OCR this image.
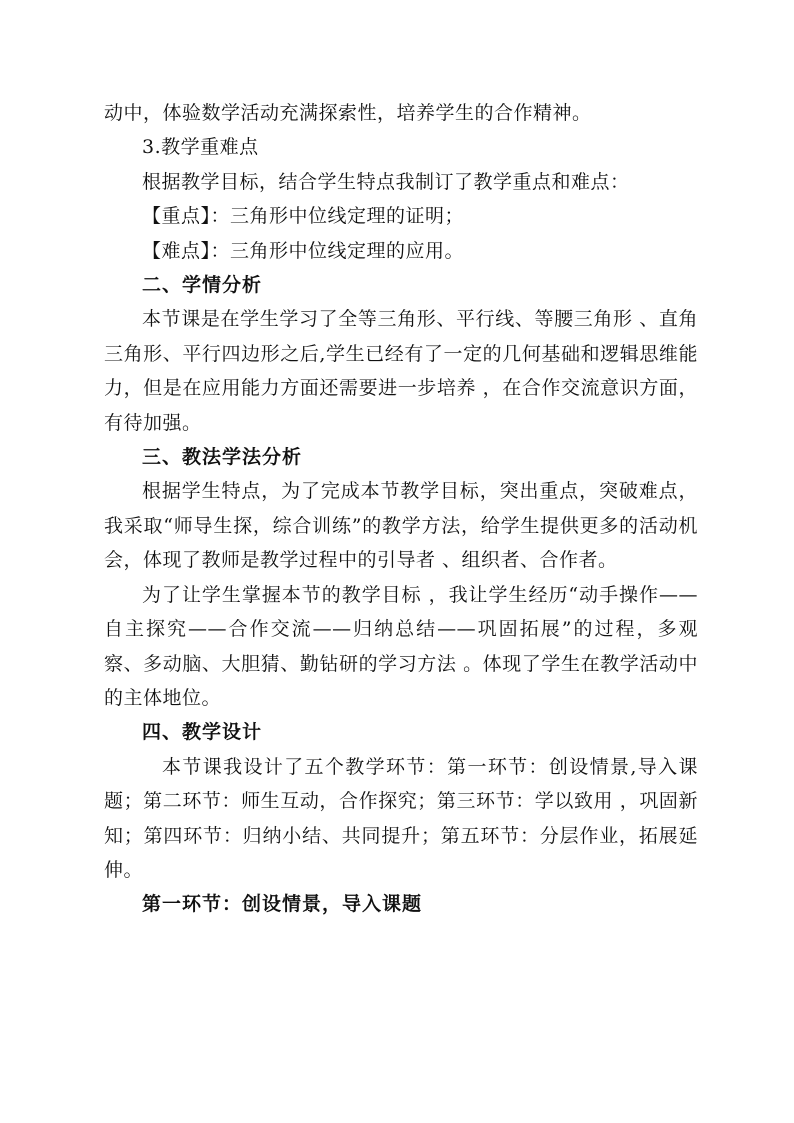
动中，体验数学活动充满探索性，培养学生的合作精神。

3.教学重难点

根据教学目标，结合学生特点我制订了教学重点和难点：

【重点】：三角形中位线定理的证明；

【难点】：三角形中位线定理的应用。

二、学情分析

本节课是在学生学习了全等三角形、平行线、等腰三角形 、直角三角形、平行四边形之后,学生已经有了一定的几何基础和逻辑思维能力，但是在应用能力方面还需要进一步培养 ，在合作交流意识方面，有待加强。

三、教法学法分析

根据学生特点，为了完成本节教学目标，突出重点，突破难点，我采取“师导生探，综合训练”的教学方法，给学生提供更多的活动机会，体现了教师是教学过程中的引导者 、组织者、合作者。

为了让学生掌握本节的教学目标 ，我让学生经历“动手操作——自主探究——合作交流——归纳总结——巩固拓展”的过程，多观察、多动脑、大胆猜、勤钻研的学习方法 。体现了学生在教学活动中的主体地位。

四、教学设计

本节课我设计了五个教学环节：第一环节：创设情景,导入课题；第二环节：师生互动，合作探究；第三环节：学以致用 ，巩固新知；第四环节：归纳小结、共同提升；第五环节：分层作业，拓展延伸。

第一环节：创设情景，导入课题
